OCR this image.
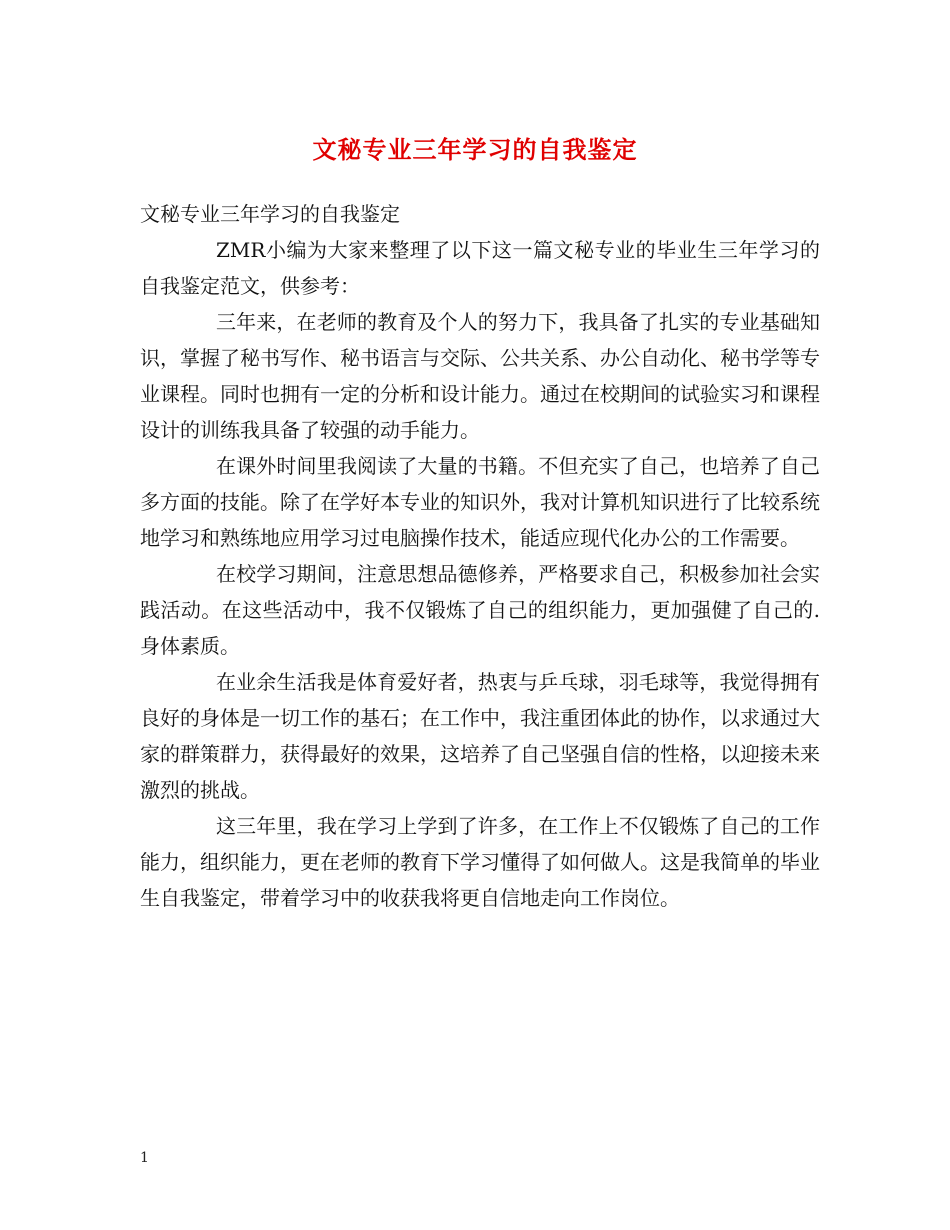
文秘专业三年学习的自我鉴定

文秘专业三年学习的自我鉴定

ZMR小编为大家来整理了以下这一篇文秘专业的毕业生三年学习的自我鉴定范文，供参考：

三年来，在老师的教育及个人的努力下，我具备了扎实的专业基础知识，掌握了秘书写作、秘书语言与交际、公共关系、办公自动化、秘书学等专业课程。同时也拥有一定的分析和设计能力。通过在校期间的试验实习和课程设计的训练我具备了较强的动手能力。

在课外时间里我阅读了大量的书籍。不但充实了自己，也培养了自己多方面的技能。除了在学好本专业的知识外，我对计算机知识进行了比较系统地学习和熟练地应用学习过电脑操作技术，能适应现代化办公的工作需要。

在校学习期间，注意思想品德修养，严格要求自己，积极参加社会实践活动。在这些活动中，我不仅锻炼了自己的组织能力，更加强健了自己的.身体素质。

在业余生活我是体育爱好者，热衷与乒乓球，羽毛球等，我觉得拥有良好的身体是一切工作的基石；在工作中，我注重团体此的协作，以求通过大家的群策群力，获得最好的效果，这培养了自己坚强自信的性格，以迎接未来激烈的挑战。

这三年里，我在学习上学到了许多，在工作上不仅锻炼了自己的工作能力，组织能力，更在老师的教育下学习懂得了如何做人。这是我简单的毕业生自我鉴定，带着学习中的收获我将更自信地走向工作岗位。

1
